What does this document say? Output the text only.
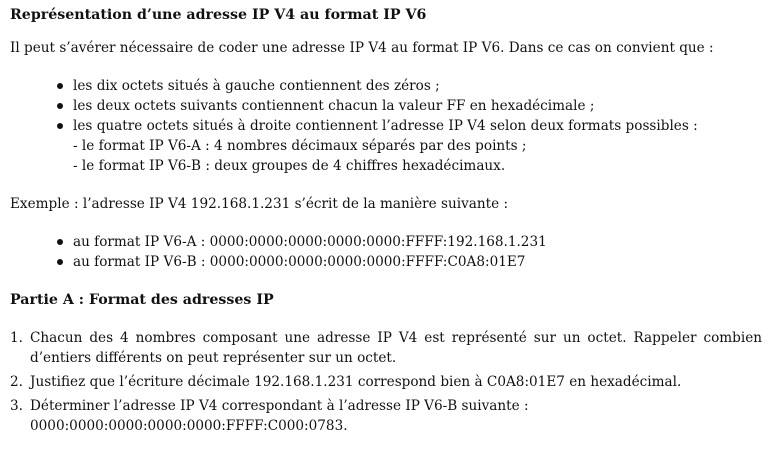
Représentation d’une adresse IP V4 au format IP V6

Il peut s’avérer nécessaire de coder une adresse IP V4 au format IP V6. Dans ce cas on convient que :

les dix octets situés à gauche contiennent des zéros ;
les deux octets suivants contiennent chacun la valeur FF en hexadécimale ;
les quatre octets situés à droite contiennent l’adresse IP V4 selon deux formats possibles :
- le format IP V6-A : 4 nombres décimaux séparés par des points ;
- le format IP V6-B : deux groupes de 4 chiffres hexadécimaux.

Exemple : l’adresse IP V4 192.168.1.231 s’écrit de la manière suivante :

au format IP V6-A : 0000:0000:0000:0000:0000:FFFF:192.168.1.231
au format IP V6-B : 0000:0000:0000:0000:0000:FFFF:C0A8:01E7
Partie A : Format des adresses IP
1. Chacun des 4 nombres composant une adresse IP V4 est représenté sur un octet. Rappeler combien d’entiers différents on peut représenter sur un octet.
2. Justifiez que l’écriture décimale 192.168.1.231 correspond bien à C0A8:01E7 en hexadécimal.
3. Déterminer l’adresse IP V4 correspondant à l’adresse IP V6-B suivante :
0000:0000:0000:0000:0000:FFFF:C000:0783.
